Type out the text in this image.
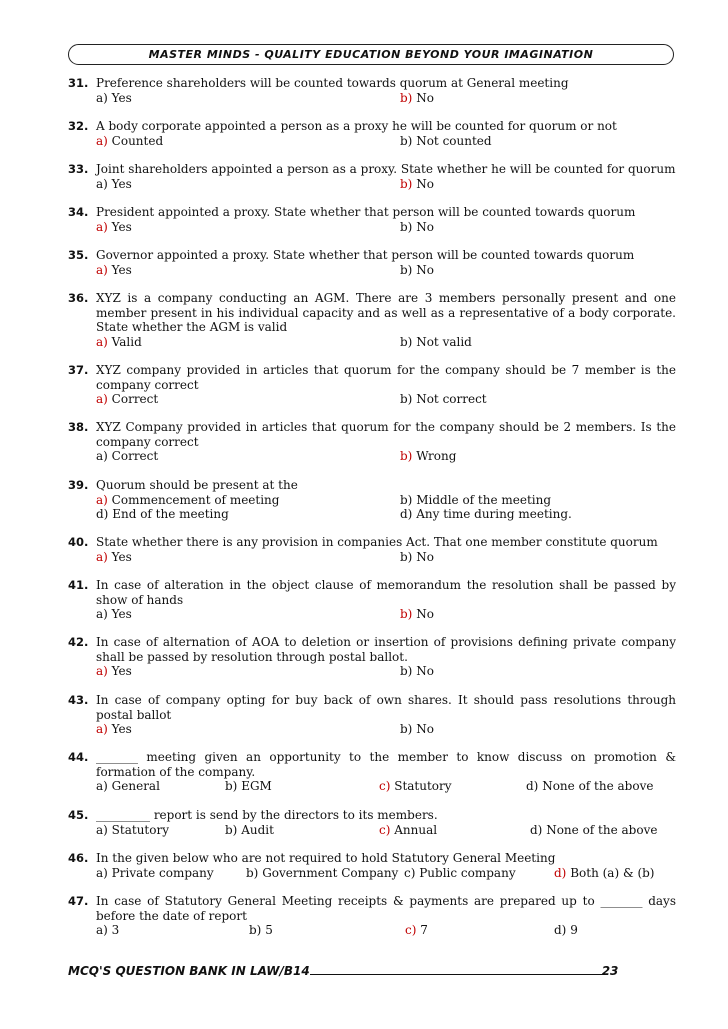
MASTER MINDS - QUALITY EDUCATION BEYOND YOUR IMAGINATION
31. Preference shareholders will be counted towards quorum at General meeting
a) Yes	b) No
32. A body corporate appointed a person as a proxy he will be counted for quorum or not
a) Counted	b) Not counted
33. Joint shareholders appointed a person as a proxy. State whether he will be counted for quorum
a) Yes	b) No
34. President appointed a proxy. State whether that person will be counted towards quorum
a) Yes	b) No
35. Governor appointed a proxy. State whether that person will be counted towards quorum
a) Yes	b) No
36. XYZ is a company conducting an AGM. There are 3 members personally present and one member present in his individual capacity and as well as a representative of a body corporate. State whether the AGM is valid
a) Valid	b) Not valid
37. XYZ company provided in articles that quorum for the company should be 7 member is the company correct
a) Correct	b) Not correct
38. XYZ Company provided in articles that quorum for the company should be 2 members. Is the company correct
a) Correct	b) Wrong
39. Quorum should be present at the
a) Commencement of meeting	b) Middle of the meeting
d) End of the meeting	d) Any time during meeting.
40. State whether there is any provision in companies Act. That one member constitute quorum
a) Yes	b) No
41. In case of alteration in the object clause of memorandum the resolution shall be passed by show of hands
a) Yes	b) No
42. In case of alternation of AOA to deletion or insertion of provisions defining private company shall be passed by resolution through postal ballot.
a) Yes	b) No
43. In case of company opting for buy back of own shares. It should pass resolutions through postal ballot
a) Yes	b) No
44. _______ meeting given an opportunity to the member to know discuss on promotion & formation of the company.
a) General	b) EGM	c) Statutory	d) None of the above
45. _________ report is send by the directors to its members.
a) Statutory	b) Audit	c) Annual	d) None of the above
46. In the given below who are not required to hold Statutory General Meeting
a) Private company	b) Government Company c) Public company	d) Both (a) & (b)
47. In case of Statutory General Meeting receipts & payments are prepared up to _______ days before the date of report
a) 3	b) 5	c) 7	d) 9
MCQ'S QUESTION BANK IN LAW/B14	23
